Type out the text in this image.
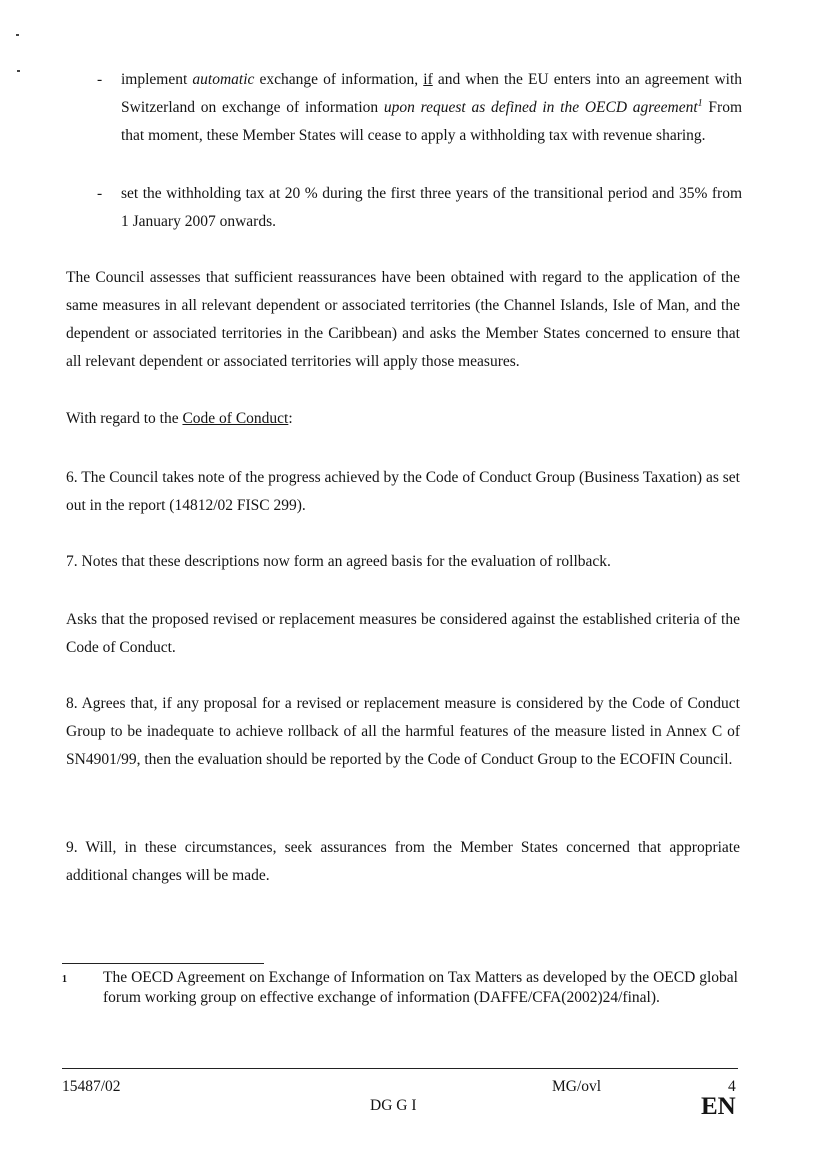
-	implement automatic exchange of information, if and when the EU enters into an agreement with Switzerland on exchange of information upon request as defined in the OECD agreement$^1$ From that moment, these Member States will cease to apply a withholding tax with revenue sharing.
-	set the withholding tax at 20 % during the first three years of the transitional period and 35% from 1 January 2007 onwards.
The Council assesses that sufficient reassurances have been obtained with regard to the application of the same measures in all relevant dependent or associated territories (the Channel Islands, Isle of Man, and the dependent or associated territories in the Caribbean) and asks the Member States concerned to ensure that all relevant dependent or associated territories will apply those measures.
With regard to the Code of Conduct:
6. The Council takes note of the progress achieved by the Code of Conduct Group (Business Taxation) as set out in the report (14812/02 FISC 299).
7. Notes that these descriptions now form an agreed basis for the evaluation of rollback.
Asks that the proposed revised or replacement measures be considered against the established criteria of the Code of Conduct.
8. Agrees that, if any proposal for a revised or replacement measure is considered by the Code of Conduct Group to be inadequate to achieve rollback of all the harmful features of the measure listed in Annex C of SN4901/99, then the evaluation should be reported by the Code of Conduct Group to the ECOFIN Council.
9. Will, in these circumstances, seek assurances from the Member States concerned that appropriate additional changes will be made.
1 The OECD Agreement on Exchange of Information on Tax Matters as developed by the OECD global forum working group on effective exchange of information (DAFFE/CFA(2002)24/final).
15487/02	MG/ovl	4
DG G I	EN
